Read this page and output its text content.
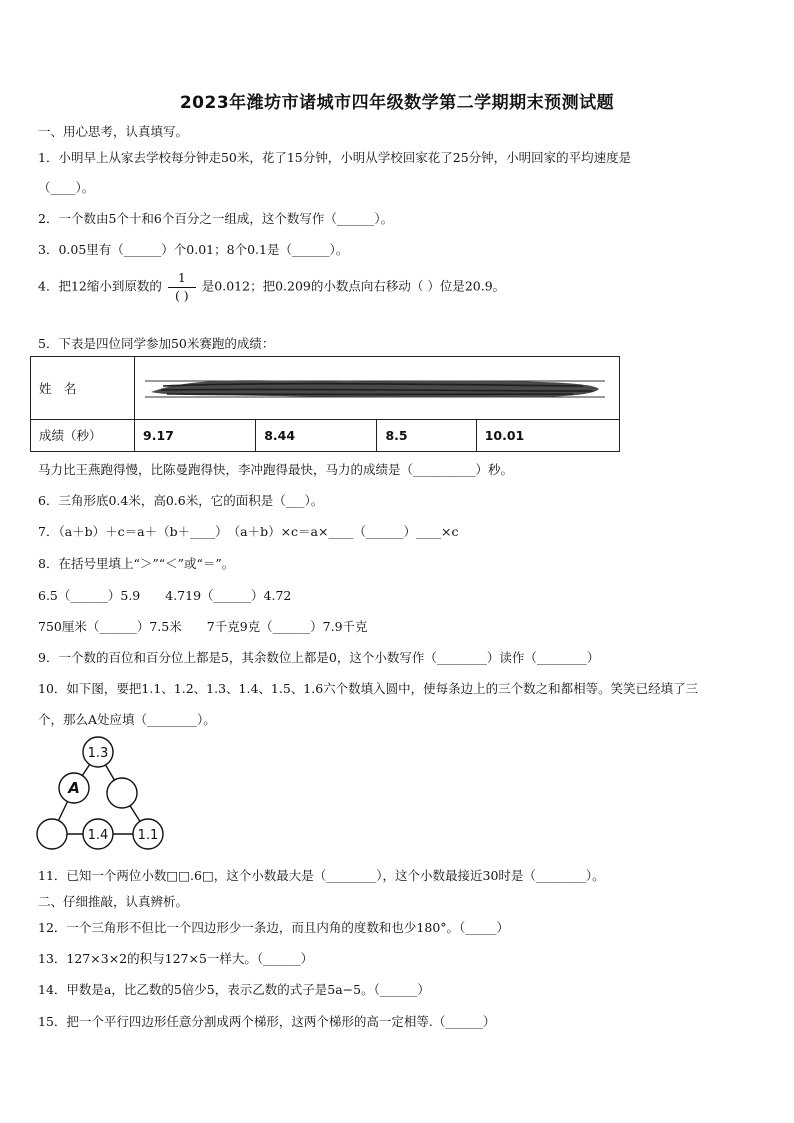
2023年潍坊市诸城市四年级数学第二学期期末预测试题
一、用心思考，认真填写。
1．小明早上从家去学校每分钟走50米，花了15分钟，小明从学校回家花了25分钟，小明回家的平均速度是
（____）。
2．一个数由5个十和6个百分之一组成，这个数写作（______）。
3．0.05里有（______）个0.01；8个0.1是（______）。
4．把12缩小到原数的 $\frac{1}{( )}$ 是0.012；把0.209的小数点向右移动（ ）位是20.9。
5．下表是四位同学参加50米赛跑的成绩：
姓　名	

成绩（秒）	9.17	8.44	8.5	10.01
马力比王燕跑得慢，比陈曼跑得快，李冲跑得最快，马力的成绩是（__________）秒。
6．三角形底0.4米，高0.6米，它的面积是（___）。
7．（a＋b）＋c＝a＋（b＋____）　（a＋b）×c＝a×____（______）____×c
8．在括号里填上“＞”“＜”或“＝”。
6.5（______）5.9　　4.719（______）4.72
750厘米（______）7.5米　　7千克9克（______）7.9千克
9．一个数的百位和百分位上都是5，其余数位上都是0，这个小数写作（________）读作（________）
10．如下图，要把1.1、1.2、1.3、1.4、1.5、1.6六个数填入圆中，使每条边上的三个数之和都相等。笑笑已经填了三
个，那么A处应填（________）。
1.3
A
1.4 1.1
11．已知一个两位小数□□.6□，这个小数最大是（________），这个小数最接近30时是（________）。
二、仔细推敲，认真辨析。
12．一个三角形不但比一个四边形少一条边，而且内角的度数和也少180°。（_____）
13．127×3×2的积与127×5一样大。（______）
14．甲数是a，比乙数的5倍少5，表示乙数的式子是5a−5。（______）
15．把一个平行四边形任意分割成两个梯形，这两个梯形的高一定相等.（______）
